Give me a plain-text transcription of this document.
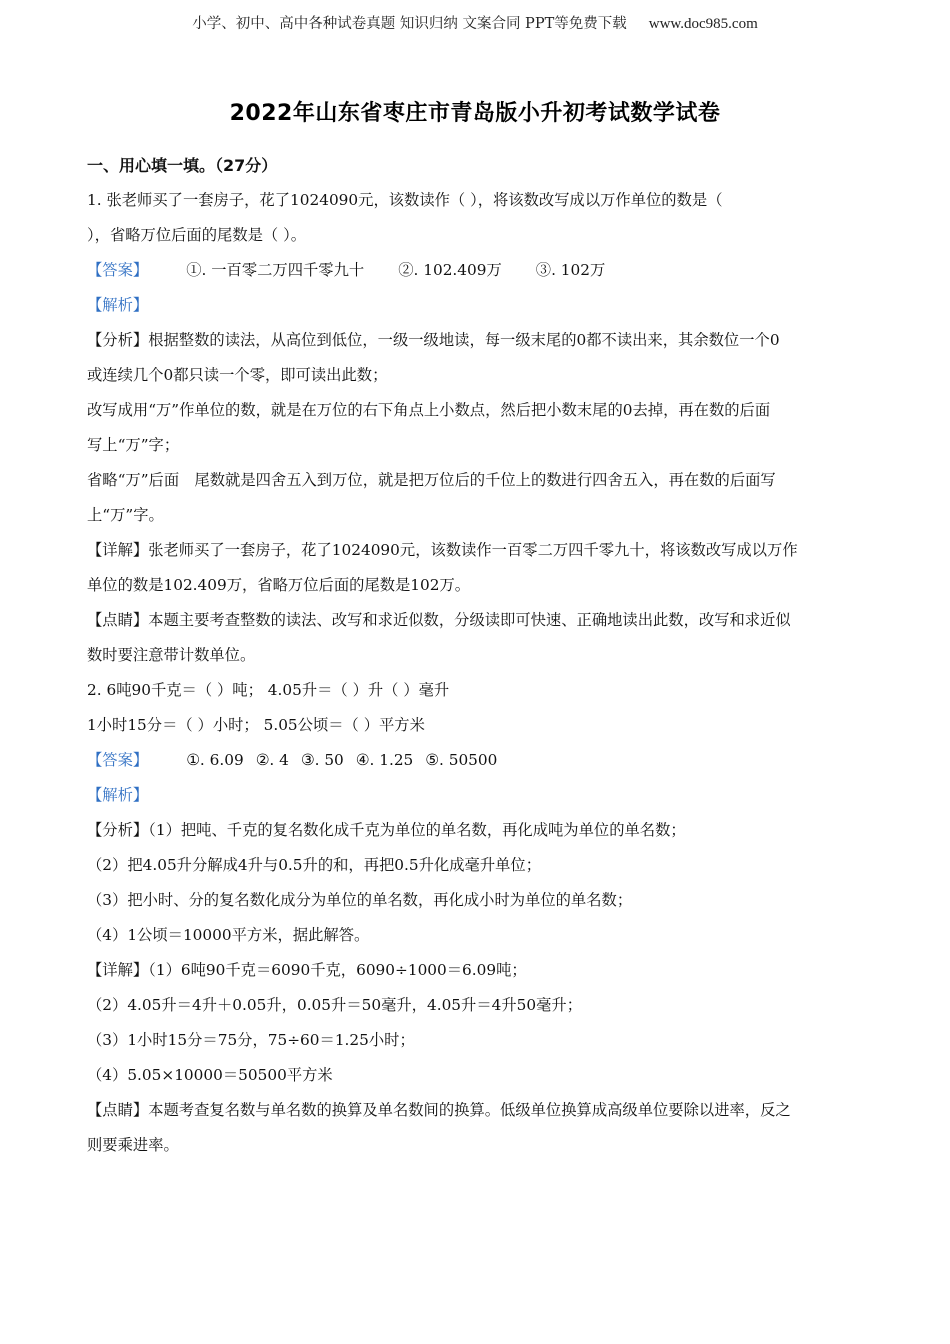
小学、初中、高中各种试卷真题 知识归纳 文案合同 PPT等免费下载 www.doc985.com
2022年山东省枣庄市青岛版小升初考试数学试卷
一、用心填一填。（27分）
1. 张老师买了一套房子，花了1024090元，该数读作（ ），将该数改写成以万作单位的数是（
），省略万位后面的尾数是（ ）。
【答案】 ①. 一百零二万四千零九十 ②. 102.409万 ③. 102万
【解析】
【分析】根据整数的读法，从高位到低位，一级一级地读，每一级末尾的0都不读出来，其余数位一个0
或连续几个0都只读一个零，即可读出此数；
改写成用“万”作单位的数，就是在万位的右下角点上小数点，然后把小数末尾的0去掉，再在数的后面
写上“万”字；
省略“万”后面　尾数就是四舍五入到万位，就是把万位后的千位上的数进行四舍五入，再在数的后面写
上“万”字。
【详解】张老师买了一套房子，花了1024090元，该数读作一百零二万四千零九十，将该数改写成以万作
单位的数是102.409万，省略万位后面的尾数是102万。
【点睛】本题主要考查整数的读法、改写和求近似数，分级读即可快速、正确地读出此数，改写和求近似
数时要注意带计数单位。
2. 6吨90千克＝（ ）吨； 4.05升＝（ ）升（ ）毫升
1小时15分＝（ ）小时； 5.05公顷＝（ ）平方米
【答案】 ①. 6.09 ②. 4 ③. 50 ④. 1.25 ⑤. 50500
【解析】
【分析】（1）把吨、千克的复名数化成千克为单位的单名数，再化成吨为单位的单名数；
（2）把4.05升分解成4升与0.5升的和，再把0.5升化成毫升单位；
（3）把小时、分的复名数化成分为单位的单名数，再化成小时为单位的单名数；
（4）1公顷＝10000平方米，据此解答。
【详解】（1）6吨90千克＝6090千克，6090÷1000＝6.09吨；
（2）4.05升＝4升＋0.05升，0.05升＝50毫升，4.05升＝4升50毫升；
（3）1小时15分＝75分，75÷60＝1.25小时；
（4）5.05×10000＝50500平方米
【点睛】本题考查复名数与单名数的换算及单名数间的换算。低级单位换算成高级单位要除以进率，反之
则要乘进率。
